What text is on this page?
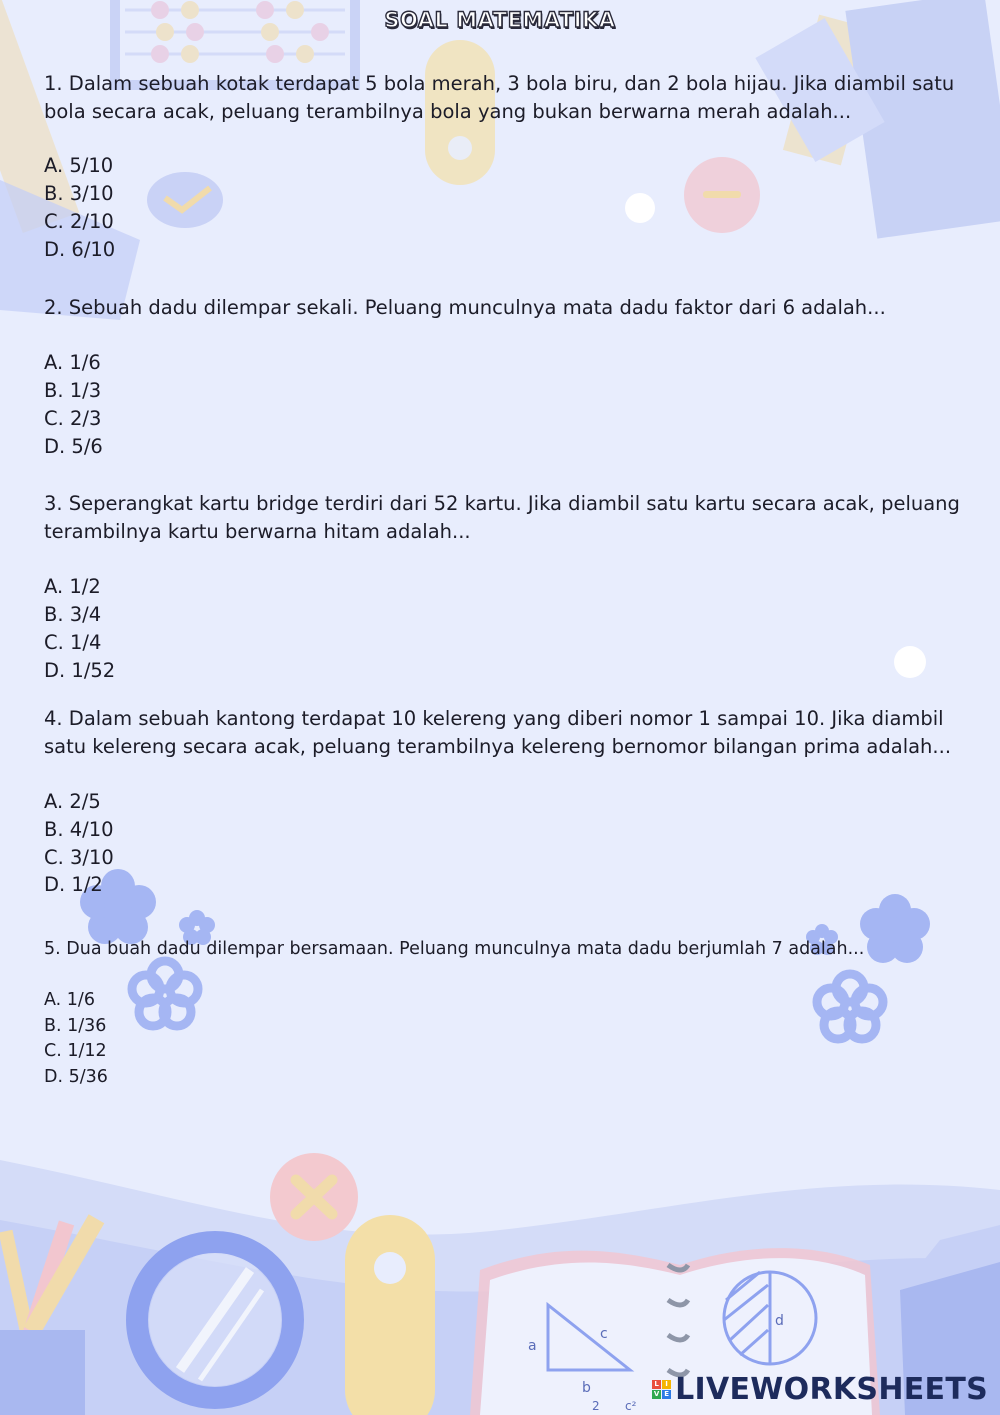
a
c
b
d
2 c²
SOAL MATEMATIKA
1. Dalam sebuah kotak terdapat 5 bola merah, 3 bola biru, dan 2 bola hijau. Jika diambil satu bola secara acak, peluang terambilnya bola yang bukan berwarna merah adalah...
A. 5/10
B. 3/10
C. 2/10
D. 6/10
2. Sebuah dadu dilempar sekali. Peluang munculnya mata dadu faktor dari 6 adalah...
A. 1/6
B. 1/3
C. 2/3
D. 5/6
3. Seperangkat kartu bridge terdiri dari 52 kartu. Jika diambil satu kartu secara acak, peluang terambilnya kartu berwarna hitam adalah...
A. 1/2
B. 3/4
C. 1/4
D. 1/52
4. Dalam sebuah kantong terdapat 10 kelereng yang diberi nomor 1 sampai 10. Jika diambil satu kelereng secara acak, peluang terambilnya kelereng bernomor bilangan prima adalah...
A. 2/5
B. 4/10
C. 3/10
D. 1/2
5. Dua buah dadu dilempar bersamaan. Peluang munculnya mata dadu berjumlah 7 adalah...
A. 1/6
B. 1/36
C. 1/12
D. 5/36
L I
V E LIVEWORKSHEETS
